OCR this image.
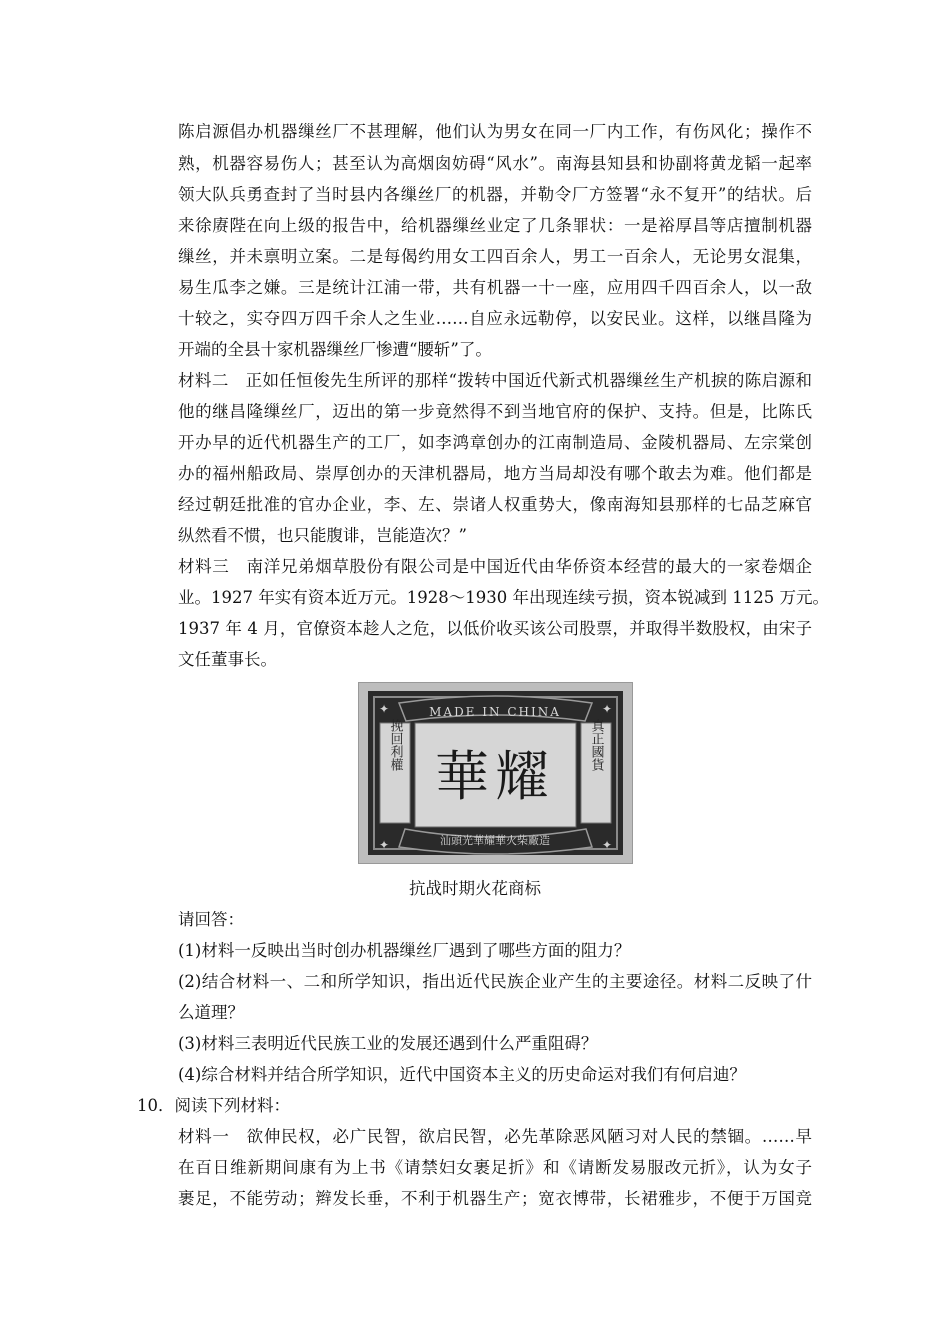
陈启源倡办机器缫丝厂不甚理解，他们认为男女在同一厂内工作，有伤风化；操作不
熟，机器容易伤人；甚至认为高烟囱妨碍“风水”。南海县知县和协副将黄龙韬一起率
领大队兵勇查封了当时县内各缫丝厂的机器，并勒令厂方签署“永不复开”的结状。后
来徐赓陛在向上级的报告中，给机器缫丝业定了几条罪状：一是裕厚昌等店擅制机器
缫丝，并未禀明立案。二是每偈约用女工四百余人，男工一百余人，无论男女混集，
易生瓜李之嫌。三是统计江浦一带，共有机器一十一座，应用四千四百余人，以一敌
十较之，实夺四万四千余人之生业……自应永远勒停，以安民业。这样，以继昌隆为
开端的全县十家机器缫丝厂惨遭“腰斩”了。
材料二　正如任恒俊先生所评的那样“拨转中国近代新式机器缫丝生产机捩的陈启源和
他的继昌隆缫丝厂，迈出的第一步竟然得不到当地官府的保护、支持。但是，比陈氏
开办早的近代机器生产的工厂，如李鸿章创办的江南制造局、金陵机器局、左宗棠创
办的福州船政局、崇厚创办的天津机器局，地方当局却没有哪个敢去为难。他们都是
经过朝廷批准的官办企业，李、左、崇诸人权重势大，像南海知县那样的七品芝麻官
纵然看不惯，也只能腹诽，岂能造次？”
材料三　南洋兄弟烟草股份有限公司是中国近代由华侨资本经营的最大的一家卷烟企
业。1927 年实有资本近万元。1928～1930 年出现连续亏损，资本锐减到 1125 万元。
1937 年 4 月，官僚资本趁人之危，以低价收买该公司股票，并取得半数股权，由宋子
文任董事长。
MADE IN CHINA
挽回利權	真正國貨
華耀
汕頭光華耀華火柴廠造
✦	✦
✦	✦
抗战时期火花商标
请回答：
(1)材料一反映出当时创办机器缫丝厂遇到了哪些方面的阻力？
(2)结合材料一、二和所学知识，指出近代民族企业产生的主要途径。材料二反映了什
么道理？
(3)材料三表明近代民族工业的发展还遇到什么严重阻碍？
(4)综合材料并结合所学知识，近代中国资本主义的历史命运对我们有何启迪？
10．阅读下列材料：
材料一　欲伸民权，必广民智，欲启民智，必先革除恶风陋习对人民的禁锢。……早
在百日维新期间康有为上书《请禁妇女裹足折》和《请断发易服改元折》，认为女子
裹足，不能劳动；辫发长垂，不利于机器生产；宽衣博带，长裙雅步，不便于万国竞
